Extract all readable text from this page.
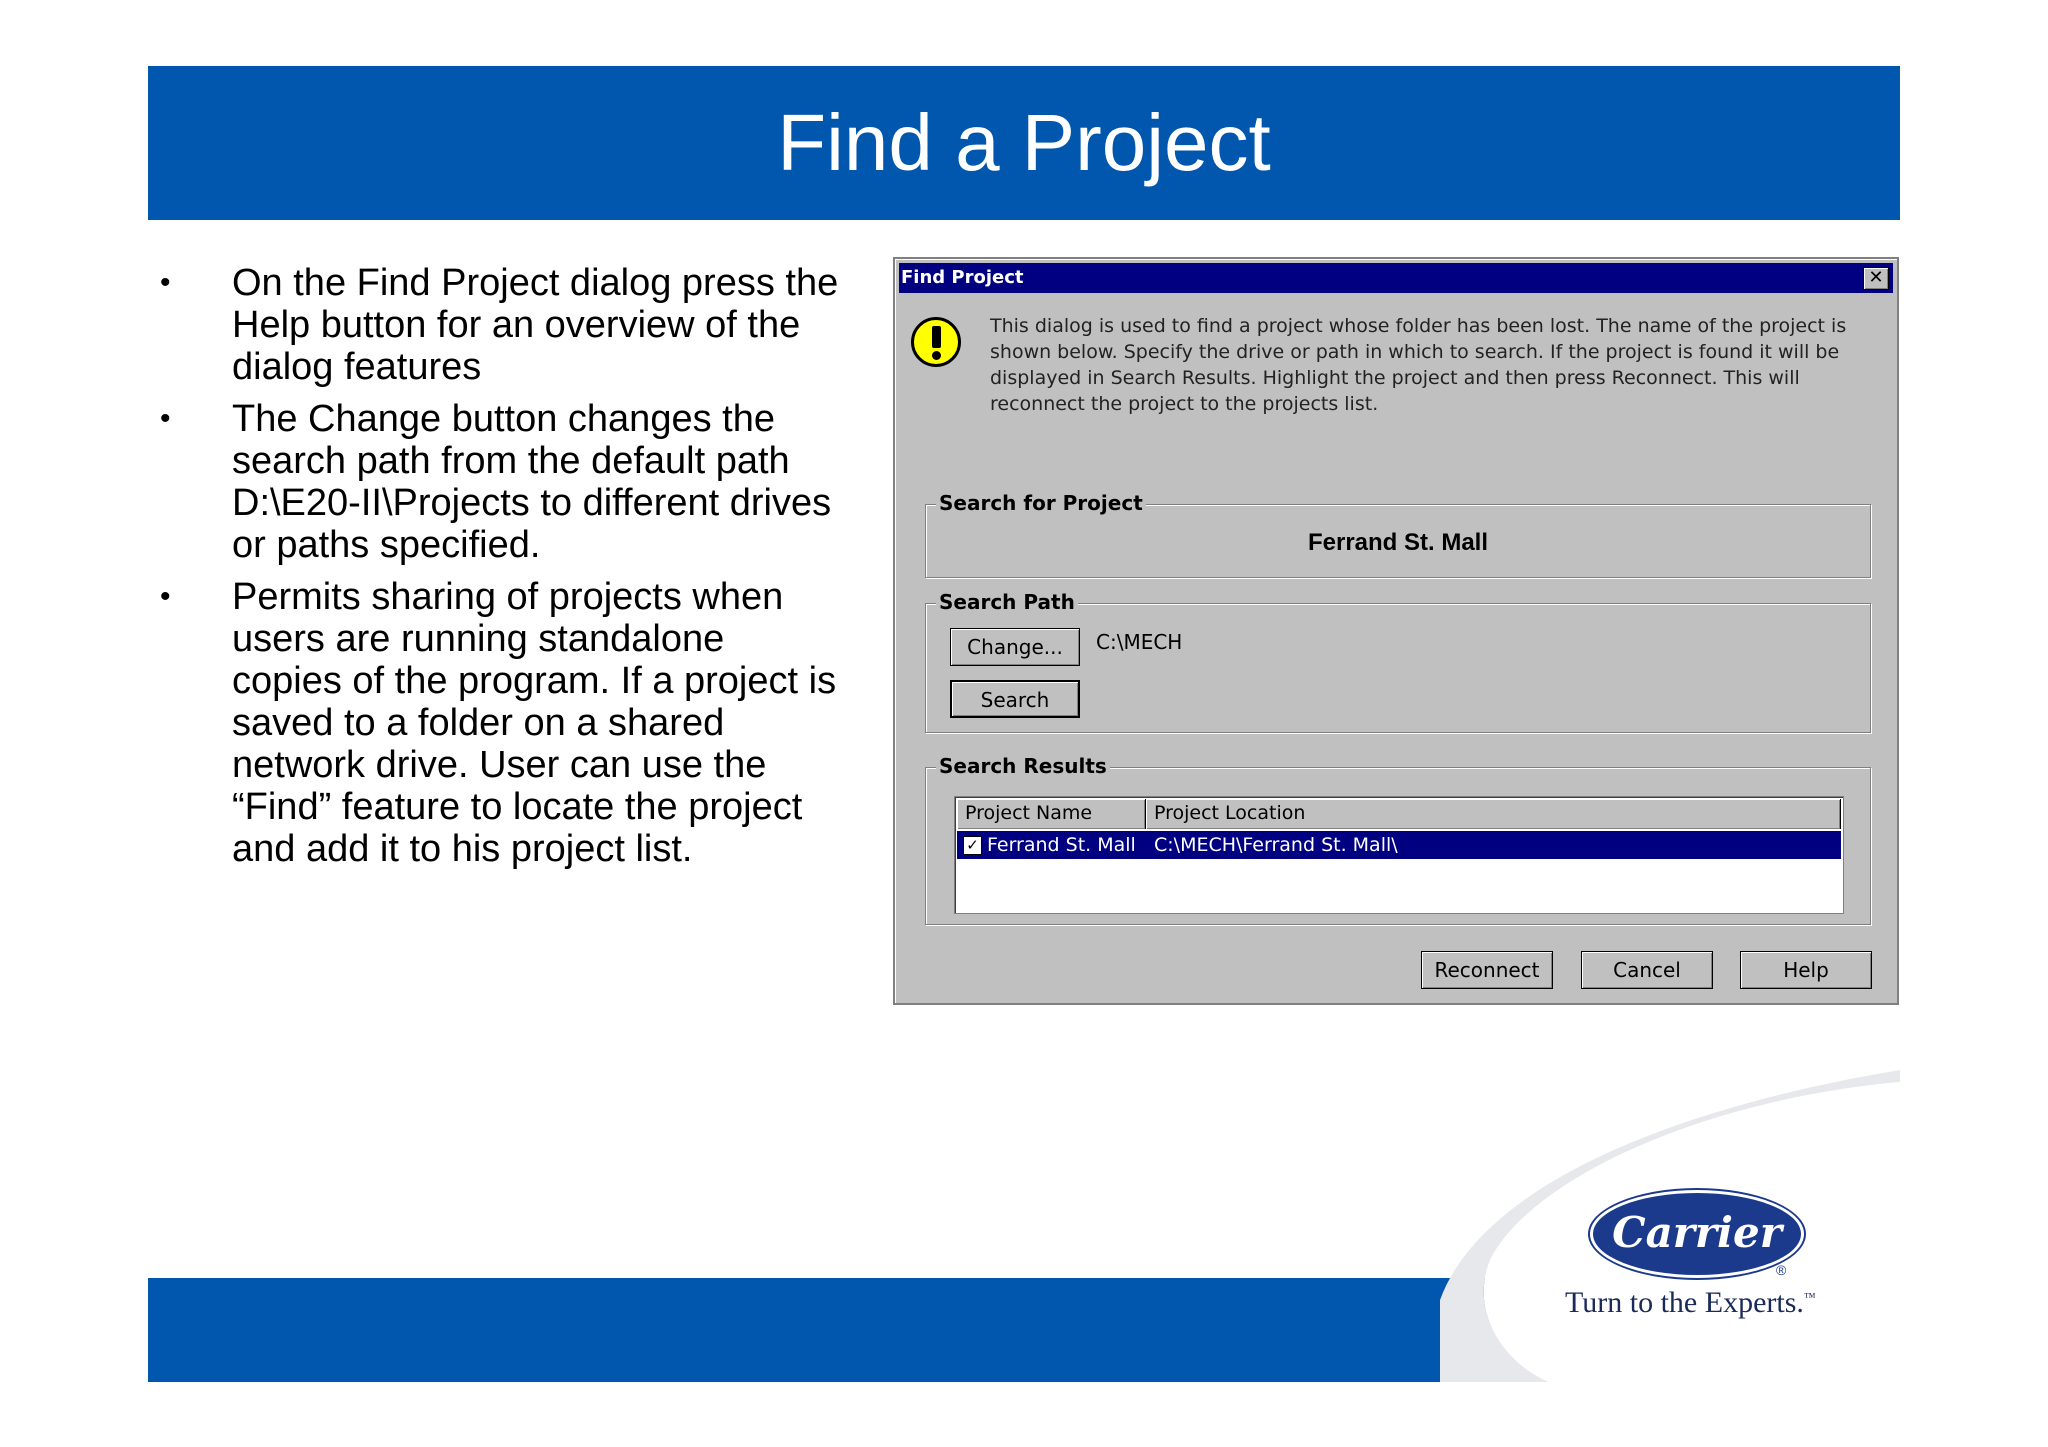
Find a Project
•	On the Find Project dialog press the Help button for an overview of the dialog features
•	The Change button changes the search path from the default path D:\E20-II\Projects to different drives or paths specified.
•	Permits sharing of projects when users are running standalone copies of the program. If a project is saved to a folder on a shared network drive. User can use the “Find” feature to locate the project and add it to his project list.
Find Project	✕
This dialog is used to find a project whose folder has been lost. The name of the project is shown below. Specify the drive or path in which to search. If the project is found it will be displayed in Search Results. Highlight the project and then press Reconnect. This will reconnect the project to the projects list.
Search for Project
Ferrand St. Mall
Search Path
Change...	C:\MECH
Search
Search Results
Project Name	Project Location
✓ Ferrand St. Mall C:\MECH\Ferrand St. Mall\
Reconnect	Cancel	Help
Carrier
®
Turn to the Experts.™
